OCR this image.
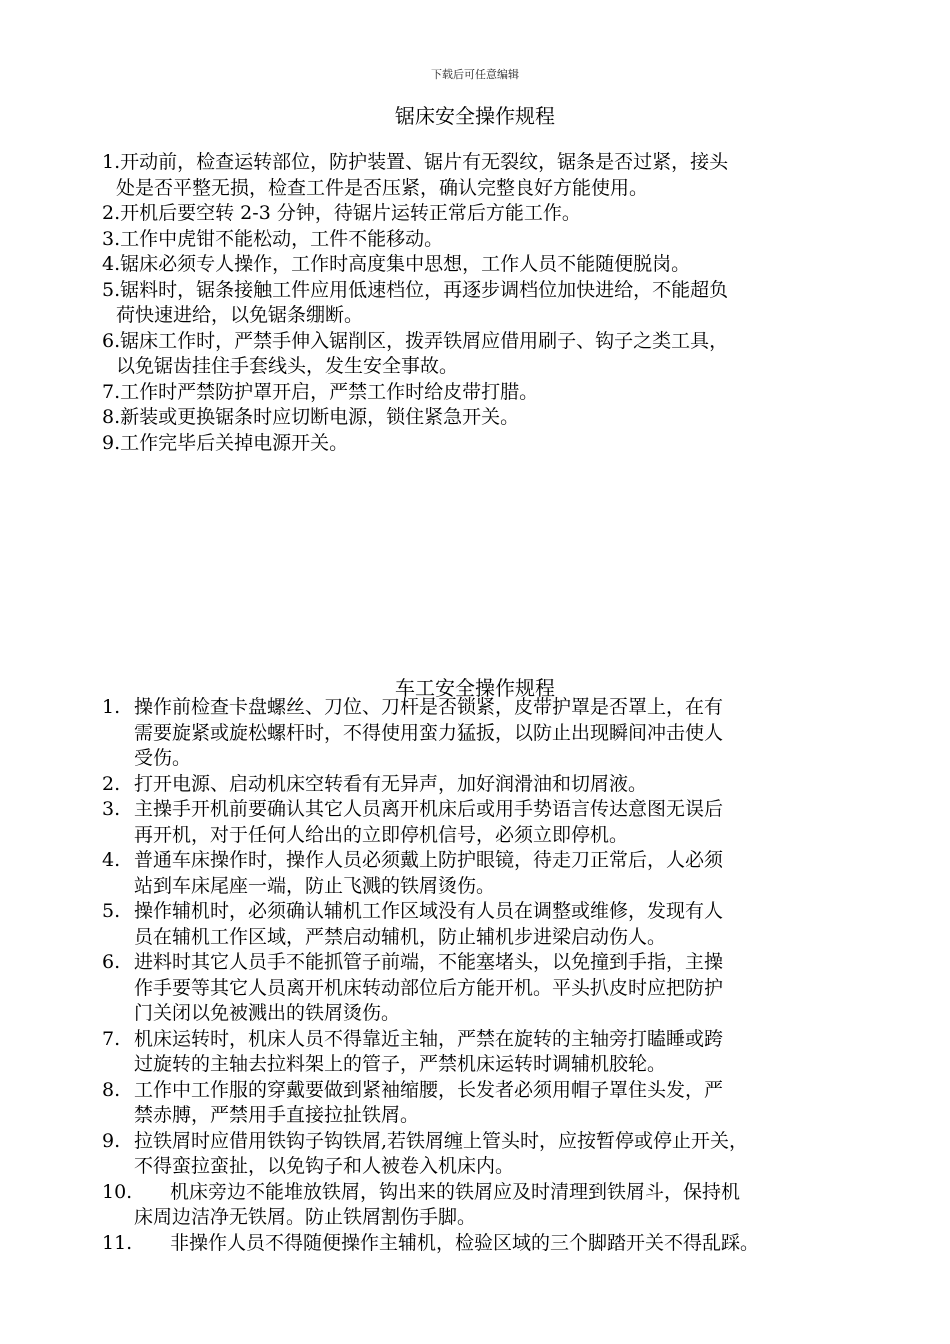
下载后可任意编辑
锯床安全操作规程
1.开动前，检查运转部位，防护装置、锯片有无裂纹，锯条是否过紧，接头
处是否平整无损，检查工件是否压紧，确认完整良好方能使用。
2.开机后要空转 2-3 分钟，待锯片运转正常后方能工作。
3.工作中虎钳不能松动，工件不能移动。
4.锯床必须专人操作，工作时高度集中思想，工作人员不能随便脱岗。
5.锯料时，锯条接触工件应用低速档位，再逐步调档位加快进给，不能超负
荷快速进给，以免锯条绷断。
6.锯床工作时，严禁手伸入锯削区，拨弄铁屑应借用刷子、钩子之类工具，
以免锯齿挂住手套线头，发生安全事故。
7.工作时严禁防护罩开启，严禁工作时给皮带打腊。
8.新装或更换锯条时应切断电源，锁住紧急开关。
9.工作完毕后关掉电源开关。
车工安全操作规程
1. 操作前检查卡盘螺丝、刀位、刀杆是否锁紧，皮带护罩是否罩上，在有
需要旋紧或旋松螺杆时，不得使用蛮力猛扳，以防止出现瞬间冲击使人
受伤。
2. 打开电源、启动机床空转看有无异声，加好润滑油和切屑液。
3. 主操手开机前要确认其它人员离开机床后或用手势语言传达意图无误后
再开机，对于任何人给出的立即停机信号，必须立即停机。
4. 普通车床操作时，操作人员必须戴上防护眼镜，待走刀正常后，人必须
站到车床尾座一端，防止飞溅的铁屑烫伤。
5. 操作辅机时，必须确认辅机工作区域没有人员在调整或维修，发现有人
员在辅机工作区域，严禁启动辅机，防止辅机步进梁启动伤人。
6. 进料时其它人员手不能抓管子前端，不能塞堵头，以免撞到手指，主操
作手要等其它人员离开机床转动部位后方能开机。平头扒皮时应把防护
门关闭以免被溅出的铁屑烫伤。
7. 机床运转时，机床人员不得靠近主轴，严禁在旋转的主轴旁打瞌睡或跨
过旋转的主轴去拉料架上的管子，严禁机床运转时调辅机胶轮。
8. 工作中工作服的穿戴要做到紧袖缩腰，长发者必须用帽子罩住头发，严
禁赤膊，严禁用手直接拉扯铁屑。
9. 拉铁屑时应借用铁钩子钩铁屑,若铁屑缠上管头时，应按暂停或停止开关，
不得蛮拉蛮扯，以免钩子和人被卷入机床内。
10. 机床旁边不能堆放铁屑，钩出来的铁屑应及时清理到铁屑斗，保持机
床周边洁净无铁屑。防止铁屑割伤手脚。
11. 非操作人员不得随便操作主辅机，检验区域的三个脚踏开关不得乱踩。
